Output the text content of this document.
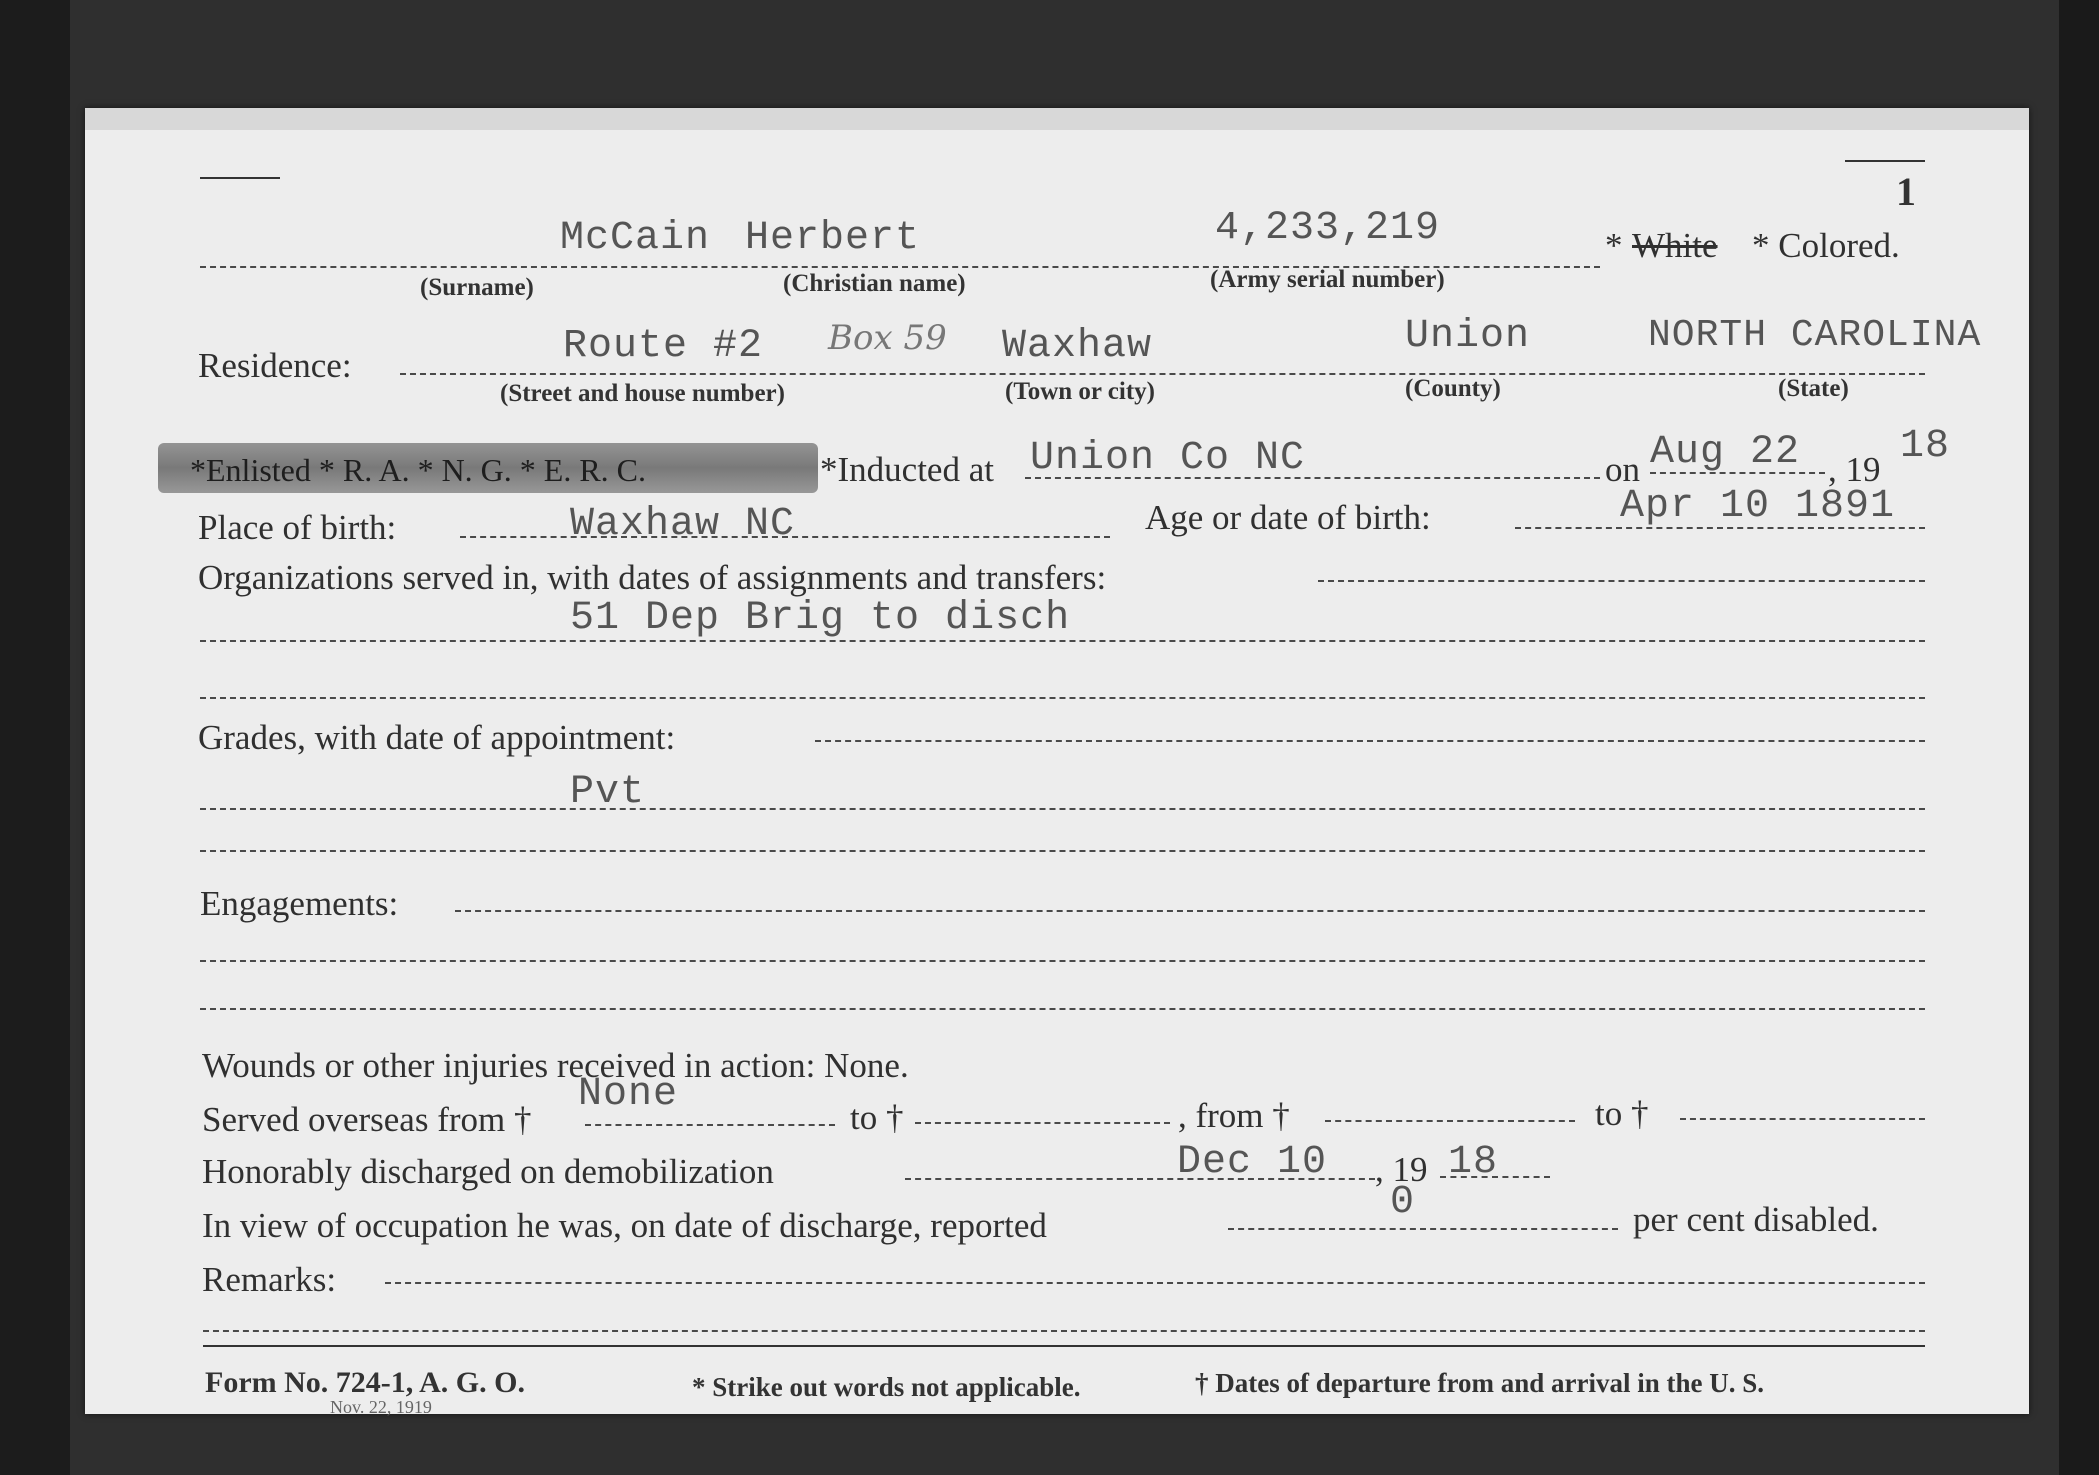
1
McCain Herbert	4,233,219	* White * Colored.
(Surname)	(Christian name)	(Army serial number)
Residence:	Route #2 Box 59 Waxhaw	Union	NORTH CAROLINA
(Street and house number)	(Town or city)	(County)	(State)
*Enlisted * R. A. * N. G. * E. R. C.	*Inducted at Union Co NC	on Aug 22 , 19
18
Place of birth:	Waxhaw NC	Age or date of birth:	Apr 10 1891
Organizations served in, with dates of assignments and transfers:
51 Dep Brig to disch
Grades, with date of appointment:
Pvt
Engagements:
Wounds or other injuries received in action: None.
Served overseas from †
None
to †	, from †	to †
Honorably discharged on demobilization	Dec 10 , 19 18
In view of occupation he was, on date of discharge, reported
0	per cent disabled.
Remarks:
Form No. 724-1, A. G. O.
Nov. 22, 1919
* Strike out words not applicable.	† Dates of departure from and arrival in the U. S.
